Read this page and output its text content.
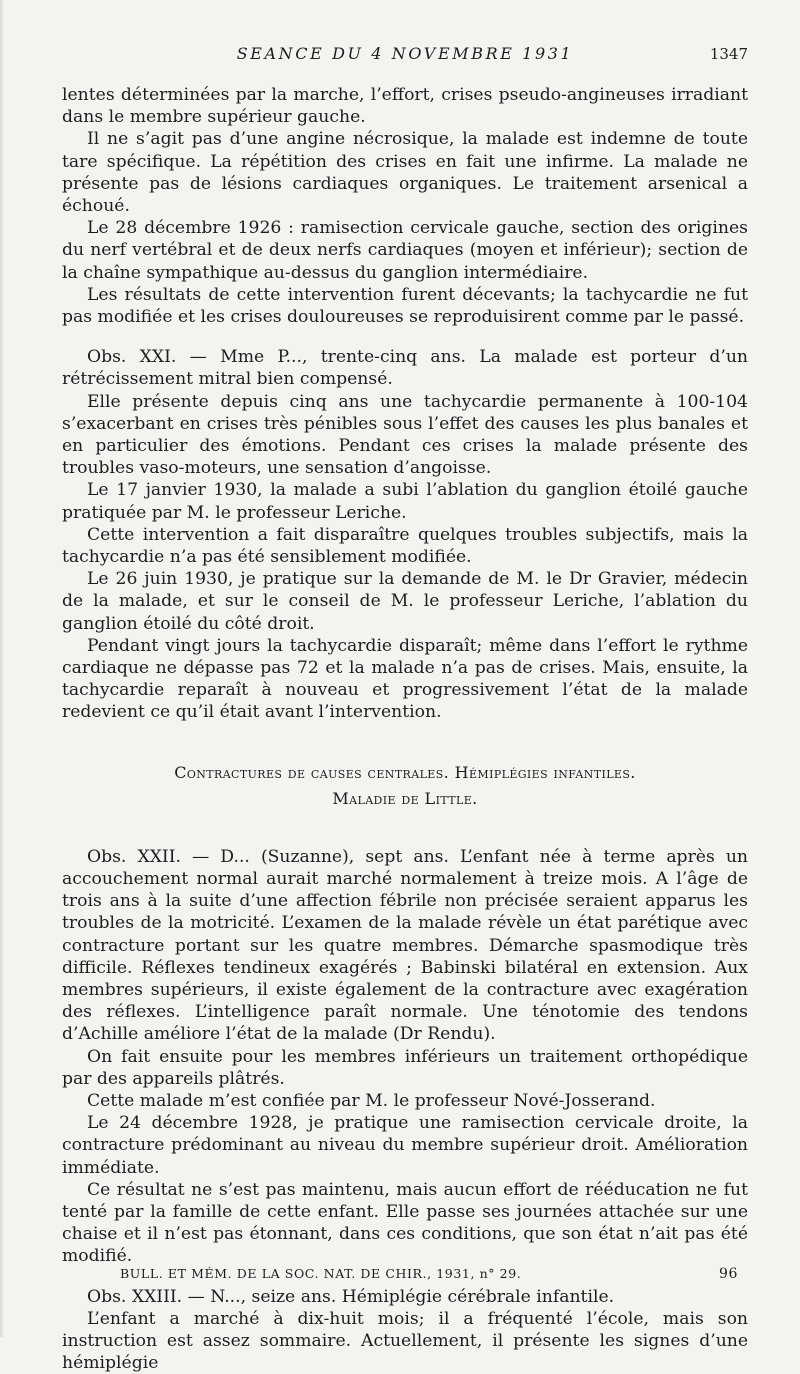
SEANCE DU 4 NOVEMBRE 1931	1347

lentes déterminées par la marche, l’effort, crises pseudo-angineuses irradiant dans le membre supérieur gauche.

Il ne s’agit pas d’une angine nécrosique, la malade est indemne de toute tare spécifique. La répétition des crises en fait une infirme. La malade ne présente pas de lésions cardiaques organiques. Le traitement arsenical a échoué.

Le 28 décembre 1926 : ramisection cervicale gauche, section des origines du nerf vertébral et de deux nerfs cardiaques (moyen et inférieur); section de la chaîne sympathique au-dessus du ganglion intermédiaire.

Les résultats de cette intervention furent décevants; la tachycardie ne fut pas modifiée et les crises douloureuses se reproduisirent comme par le passé.

Obs. XXI. — Mme P..., trente-cinq ans. La malade est porteur d’un rétrécissement mitral bien compensé.

Elle présente depuis cinq ans une tachycardie permanente à 100-104 s’exacerbant en crises très pénibles sous l’effet des causes les plus banales et en particulier des émotions. Pendant ces crises la malade présente des troubles vaso-moteurs, une sensation d’angoisse.

Le 17 janvier 1930, la malade a subi l’ablation du ganglion étoilé gauche pratiquée par M. le professeur Leriche.

Cette intervention a fait disparaître quelques troubles subjectifs, mais la tachycardie n’a pas été sensiblement modifiée.

Le 26 juin 1930, je pratique sur la demande de M. le Dr Gravier, médecin de la malade, et sur le conseil de M. le professeur Leriche, l’ablation du ganglion étoilé du côté droit.

Pendant vingt jours la tachycardie disparaît; même dans l’effort le rythme cardiaque ne dépasse pas 72 et la malade n’a pas de crises. Mais, ensuite, la tachycardie reparaît à nouveau et progressivement l’état de la malade redevient ce qu’il était avant l’intervention.

Contractures de causes centrales. Hémiplégies infantiles.
Maladie de Little.

Obs. XXII. — D... (Suzanne), sept ans. L’enfant née à terme après un accouchement normal aurait marché normalement à treize mois. A l’âge de trois ans à la suite d’une affection fébrile non précisée seraient apparus les troubles de la motricité. L’examen de la malade révèle un état parétique avec contracture portant sur les quatre membres. Démarche spasmodique très difficile. Réflexes tendineux exagérés ; Babinski bilatéral en extension. Aux membres supérieurs, il existe également de la contracture avec exagération des réflexes. L’intelligence paraît normale. Une ténotomie des tendons d’Achille améliore l’état de la malade (Dr Rendu).

On fait ensuite pour les membres inférieurs un traitement orthopédique par des appareils plâtrés.

Cette malade m’est confiée par M. le professeur Nové-Josserand.

Le 24 décembre 1928, je pratique une ramisection cervicale droite, la contracture prédominant au niveau du membre supérieur droit. Amélioration immédiate.

Ce résultat ne s’est pas maintenu, mais aucun effort de rééducation ne fut tenté par la famille de cette enfant. Elle passe ses journées attachée sur une chaise et il n’est pas étonnant, dans ces conditions, que son état n’ait pas été modifié.

Obs. XXIII. — N..., seize ans. Hémiplégie cérébrale infantile.

L’enfant a marché à dix-huit mois; il a fréquenté l’école, mais son instruction est assez sommaire. Actuellement, il présente les signes d’une hémiplégie

BULL. ET MÉM. DE LA SOC. NAT. DE CHIR., 1931, n° 29.	96
